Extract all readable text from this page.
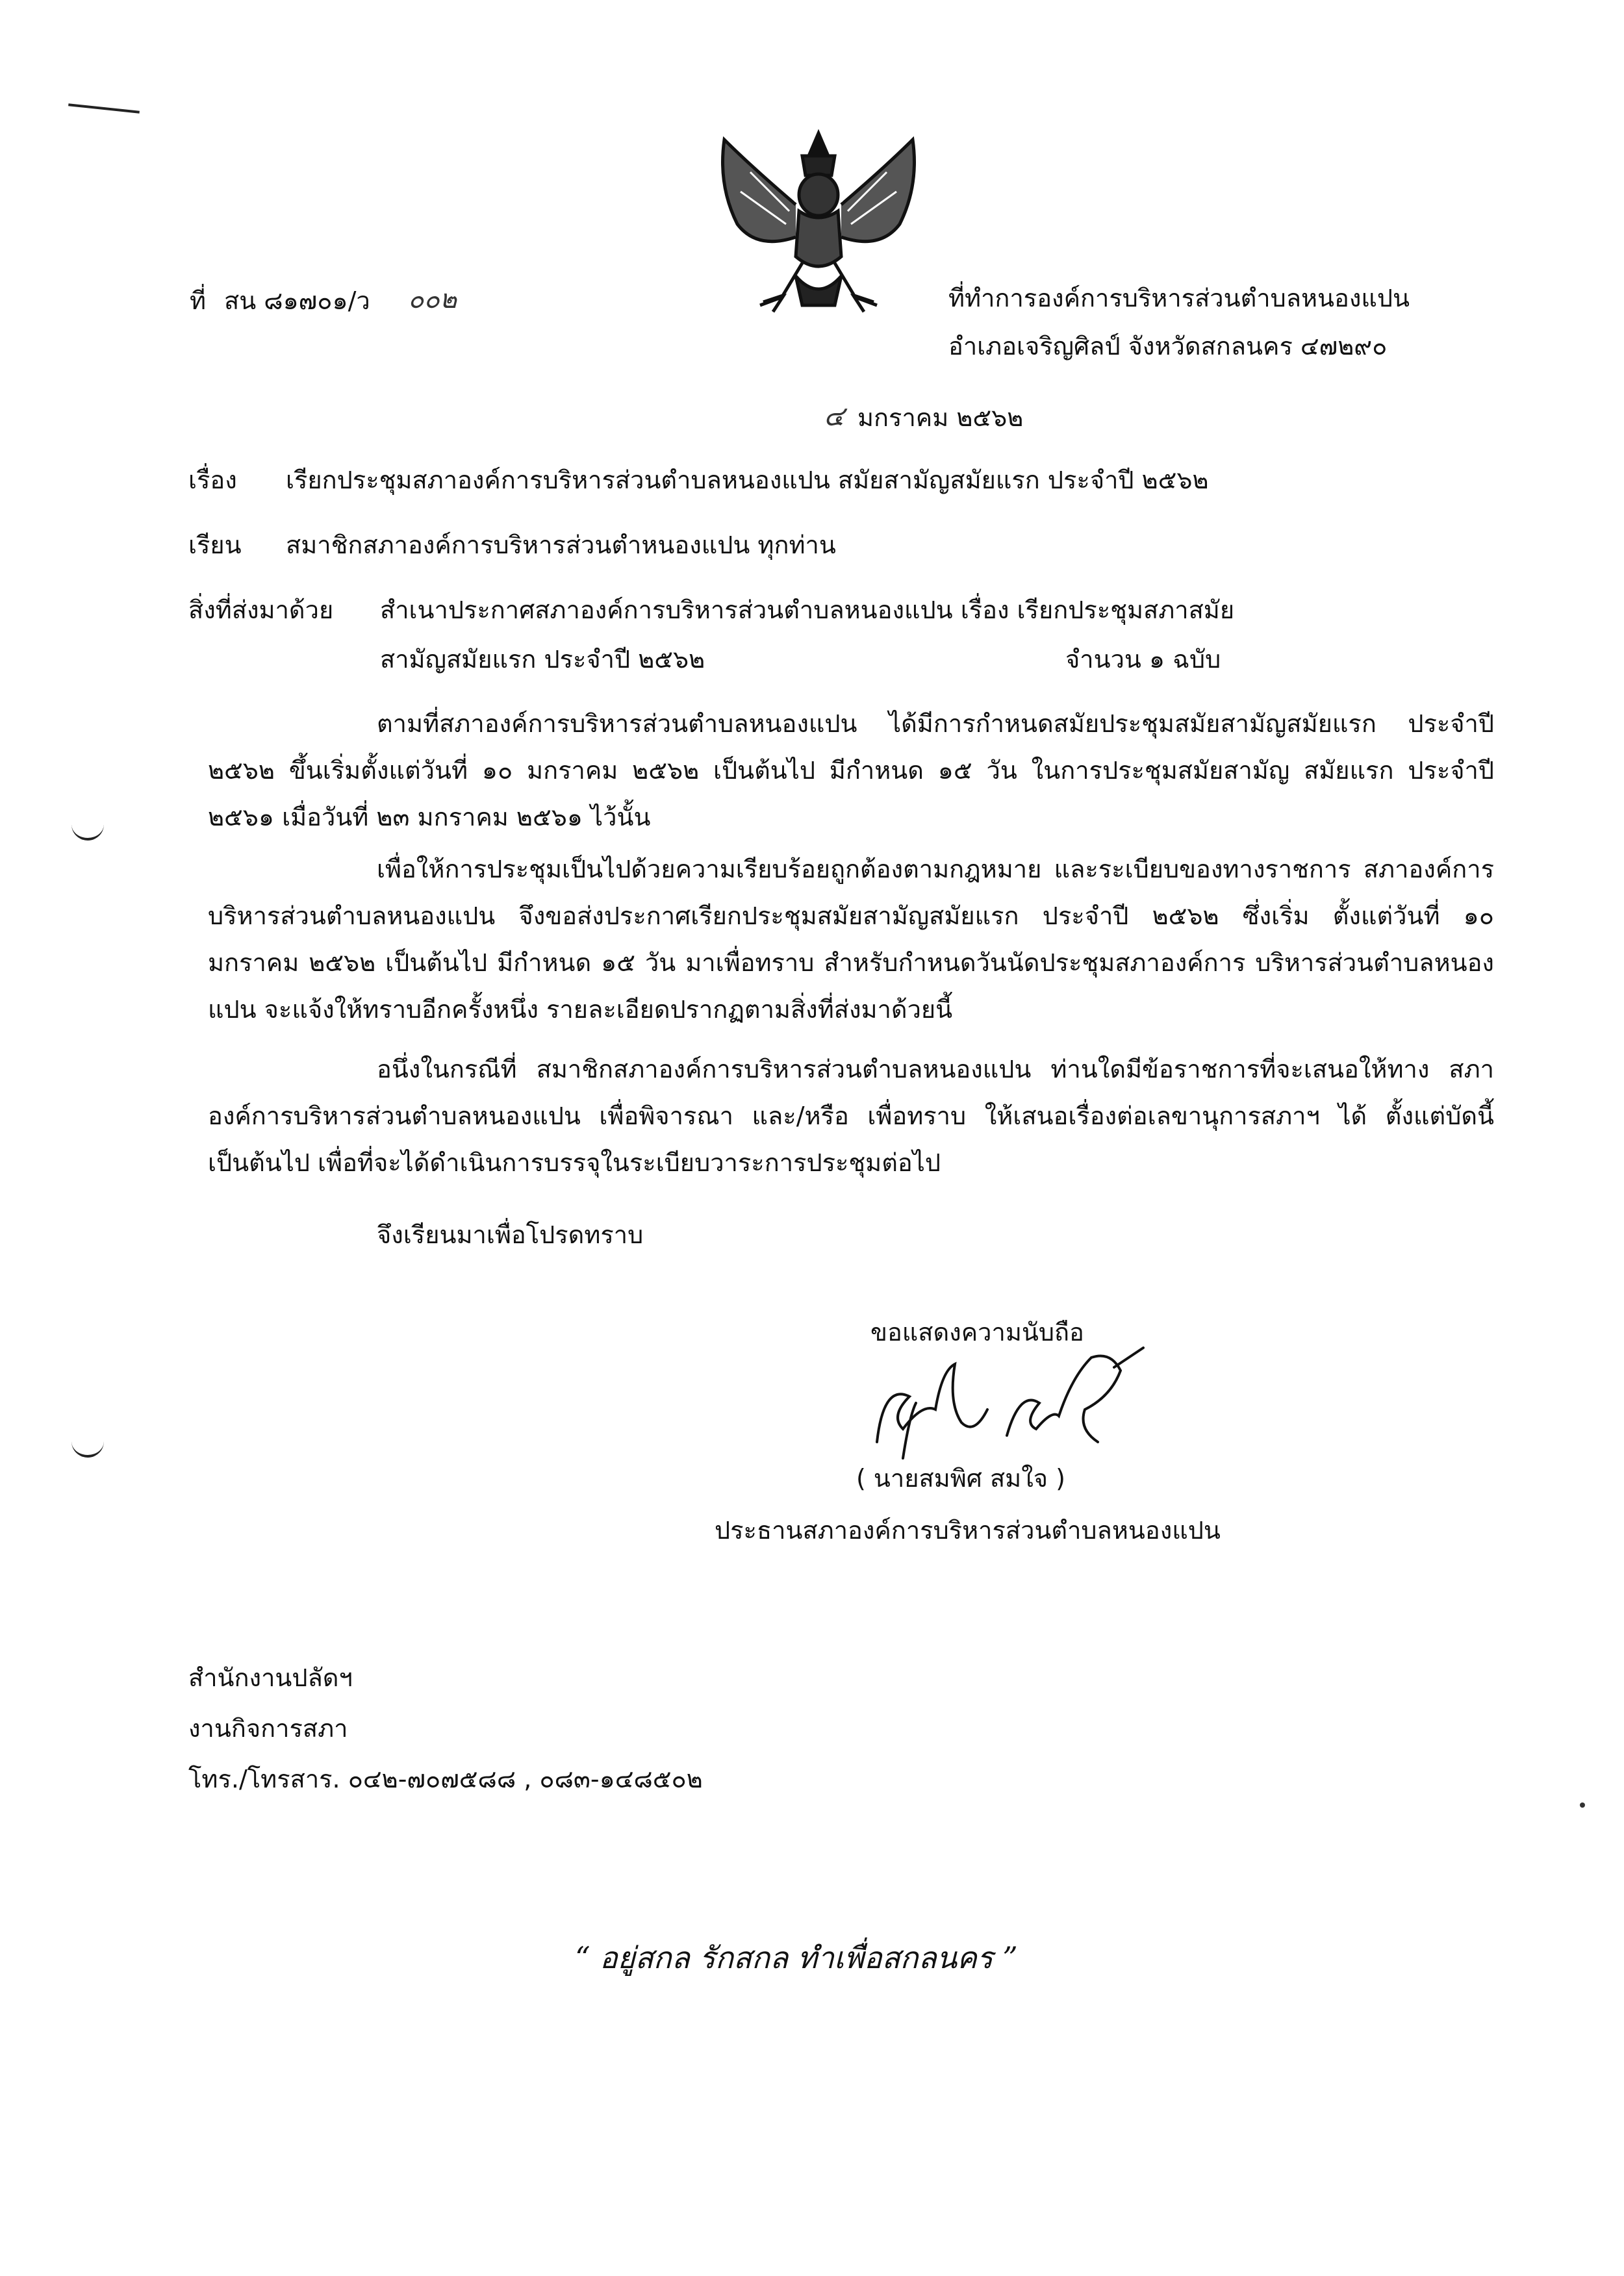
ที่ สน ๘๑๗๐๑/ว ๐๐๒	ที่ทำการองค์การบริหารส่วนตำบลหนองแปน
อำเภอเจริญศิลป์ จังหวัดสกลนคร ๔๗๒๙๐
๔ มกราคม ๒๕๖๒
เรื่อง เรียกประชุมสภาองค์การบริหารส่วนตำบลหนองแปน สมัยสามัญสมัยแรก ประจำปี ๒๕๖๒
เรียน สมาชิกสภาองค์การบริหารส่วนตำหนองแปน ทุกท่าน
สิ่งที่ส่งมาด้วย สำเนาประกาศสภาองค์การบริหารส่วนตำบลหนองแปน เรื่อง เรียกประชุมสภาสมัย
สามัญสมัยแรก ประจำปี ๒๕๖๒	จำนวน ๑ ฉบับ
ตามที่สภาองค์การบริหารส่วนตำบลหนองแปน ได้มีการกำหนดสมัยประชุมสมัยสามัญสมัยแรก ประจำปี ๒๕๖๒ ขึ้นเริ่มตั้งแต่วันที่ ๑๐ มกราคม ๒๕๖๒ เป็นต้นไป มีกำหนด ๑๕ วัน ในการประชุมสมัยสามัญ สมัยแรก ประจำปี ๒๕๖๑ เมื่อวันที่ ๒๓ มกราคม ๒๕๖๑ ไว้นั้น
เพื่อให้การประชุมเป็นไปด้วยความเรียบร้อยถูกต้องตามกฎหมาย และระเบียบของทางราชการ สภาองค์การบริหารส่วนตำบลหนองแปน จึงขอส่งประกาศเรียกประชุมสมัยสามัญสมัยแรก ประจำปี ๒๕๖๒ ซึ่งเริ่ม ตั้งแต่วันที่ ๑๐ มกราคม ๒๕๖๒ เป็นต้นไป มีกำหนด ๑๕ วัน มาเพื่อทราบ สำหรับกำหนดวันนัดประชุมสภาองค์การ บริหารส่วนตำบลหนองแปน จะแจ้งให้ทราบอีกครั้งหนึ่ง รายละเอียดปรากฏตามสิ่งที่ส่งมาด้วยนี้
อนึ่งในกรณีที่ สมาชิกสภาองค์การบริหารส่วนตำบลหนองแปน ท่านใดมีข้อราชการที่จะเสนอให้ทาง สภาองค์การบริหารส่วนตำบลหนองแปน เพื่อพิจารณา และ/หรือ เพื่อทราบ ให้เสนอเรื่องต่อเลขานุการสภาฯ ได้ ตั้งแต่บัดนี้เป็นต้นไป เพื่อที่จะได้ดำเนินการบรรจุในระเบียบวาระการประชุมต่อไป
จึงเรียนมาเพื่อโปรดทราบ
ขอแสดงความนับถือ
( นายสมพิศ สมใจ )
ประธานสภาองค์การบริหารส่วนตำบลหนองแปน
สำนักงานปลัดฯ
งานกิจการสภา
โทร./โทรสาร. ๐๔๒-๗๐๗๕๘๘ , ๐๘๓-๑๔๘๕๐๒
“ อยู่สกล รักสกล ทำเพื่อสกลนคร ”
